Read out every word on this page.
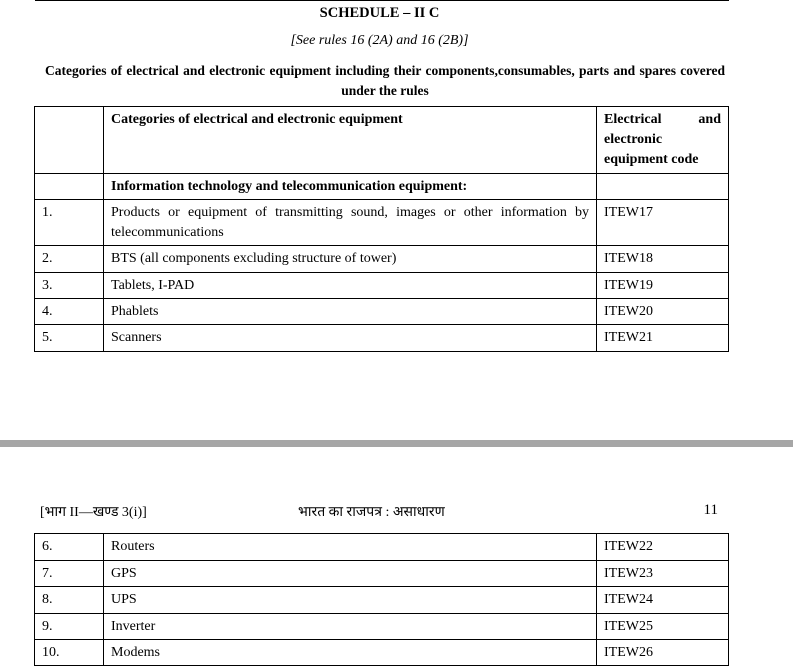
SCHEDULE – II C
[See rules 16 (2A) and 16 (2B)]
Categories of electrical and electronic equipment including their components,consumables, parts and spares covered under the rules
	Categories of electrical and electronic equipment	Electrical and electronic equipment code
	Information technology and telecommunication equipment:	
1.	Products or equipment of transmitting sound, images or other information by telecommunications	ITEW17
2.	BTS (all components excluding structure of tower)	ITEW18
3.	Tablets, I-PAD	ITEW19
4.	Phablets	ITEW20
5.	Scanners	ITEW21
[भाग II—खण्ड 3(i)]	भारत का राजपत्र : असाधारण	11
6.	Routers	ITEW22
7.	GPS	ITEW23
8.	UPS	ITEW24
9.	Inverter	ITEW25
10.	Modems	ITEW26
